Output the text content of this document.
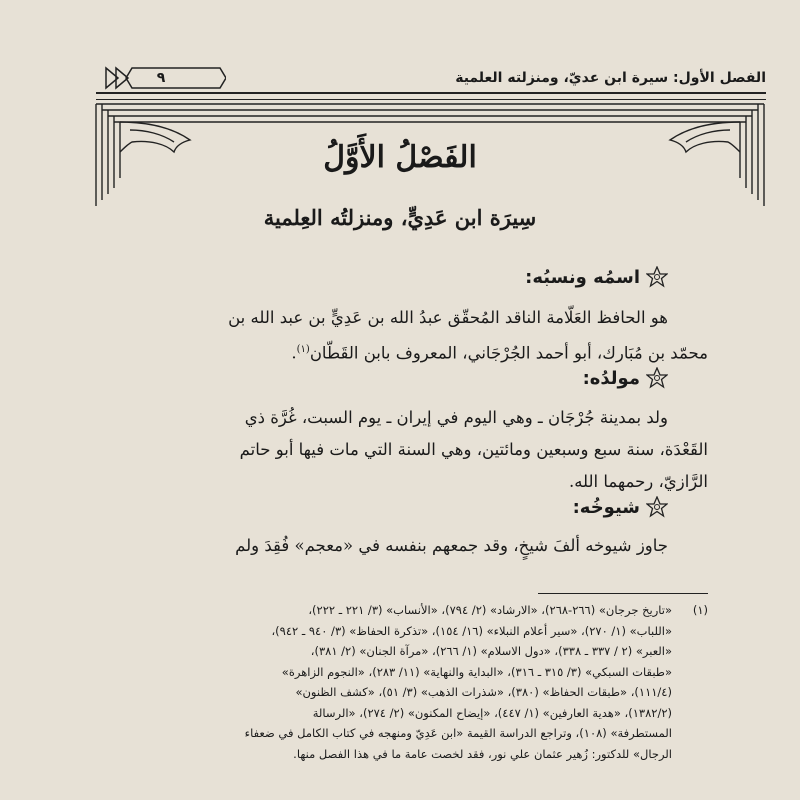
الفصل الأول: سيرة ابن عديّ، ومنزلته العلمية
٩
الفَصْلُ الأَوَّلُ
سِيرَة ابن عَدِيٍّ، ومنزلتُه العِلمية
اسمُه ونسبُه:
هو الحافظ العَلّامة الناقد المُحقّق عبدُ الله بن عَدِيٍّ بن عبد الله بن
محمّد بن مُبَارك، أبو أحمد الجُرْجَاني، المعروف بابن القَطّان$^{(١)}$.
مولدُه:
ولد بمدينة جُرْجَان ـ وهي اليوم في إيران ـ يوم السبت، غُرَّة ذي
القَعْدَة، سنة سبع وسبعين ومائتين، وهي السنة التي مات فيها أبو حاتم
الرَّازيّ، رحمهما الله.
شيوخُه:
جاوز شيوخه ألفَ شيخٍ، وقد جمعهم بنفسه في «معجم» فُقِدَ ولم
(١)«تاريخ جرجان» (٢٦٦-٢٦٨)، «الارشاد» (٢/ ٧٩٤)، «الأنساب» (٣/ ٢٢١ ـ ٢٢٢)،
«اللباب» (١/ ٢٧٠)، «سير أعلام النبلاء» (١٦/ ١٥٤)، «تذكرة الحفاظ» (٣/ ٩٤٠ ـ ٩٤٢)،
«العبر» (٢ / ٣٣٧ ـ ٣٣٨)، «دول الاسلام» (١/ ٢٦٦)، «مرآة الجنان» (٢/ ٣٨١)،
«طبقات السبكي» (٣/ ٣١٥ ـ ٣١٦)، «البداية والنهاية» (١١/ ٢٨٣)، «النجوم الزاهرة»
(١١١/٤)، «طبقات الحفاظ» (٣٨٠)، «شذرات الذهب» (٣/ ٥١)، «كشف الظنون»
(١٣٨٢/٢)، «هدية العارفين» (١/ ٤٤٧)، «إيضاح المكنون» (٢/ ٢٧٤)، «الرسالة
المستطرفة» (١٠٨)، وتراجع الدراسة القيمة «ابن عَدِيّ ومنهجه في كتاب الكامل في ضعفاء
الرجال» للدكتور: زُهير عثمان علي نور، فقد لخصت عامة ما في هذا الفصل منها.
